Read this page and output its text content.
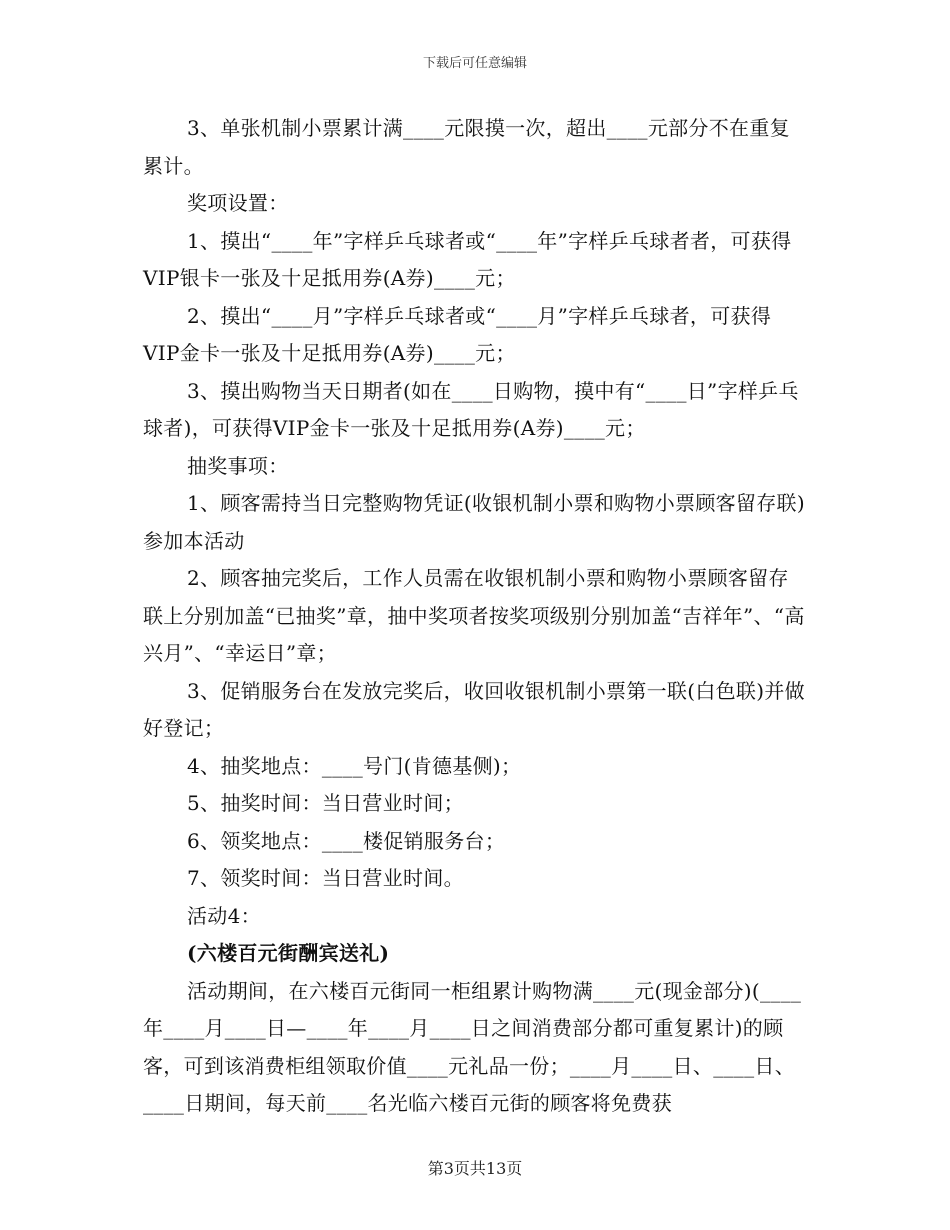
下载后可任意编辑

3、单张机制小票累计满____元限摸一次，超出____元部分不在重复累计。

奖项设置：

1、摸出“____年”字样乒乓球者或“____年”字样乒乓球者者，可获得VIP银卡一张及十足抵用券(A券)____元；

2、摸出“____月”字样乒乓球者或“____月”字样乒乓球者，可获得VIP金卡一张及十足抵用券(A券)____元；

3、摸出购物当天日期者(如在____日购物，摸中有“____日”字样乒乓球者)，可获得VIP金卡一张及十足抵用券(A券)____元；

抽奖事项：

1、顾客需持当日完整购物凭证(收银机制小票和购物小票顾客留存联)参加本活动

2、顾客抽完奖后，工作人员需在收银机制小票和购物小票顾客留存联上分别加盖“已抽奖”章，抽中奖项者按奖项级别分别加盖“吉祥年”、“高兴月”、“幸运日”章；

3、促销服务台在发放完奖后，收回收银机制小票第一联(白色联)并做好登记；

4、抽奖地点：____号门(肯德基侧)；

5、抽奖时间：当日营业时间；

6、领奖地点：____楼促销服务台；

7、领奖时间：当日营业时间。

活动4：

(六楼百元街酬宾送礼)

活动期间，在六楼百元街同一柜组累计购物满____元(现金部分)(____年____月____日—____年____月____日之间消费部分都可重复累计)的顾客，可到该消费柜组领取价值____元礼品一份；____月____日、____日、____日期间，每天前____名光临六楼百元街的顾客将免费获

第3页共13页
